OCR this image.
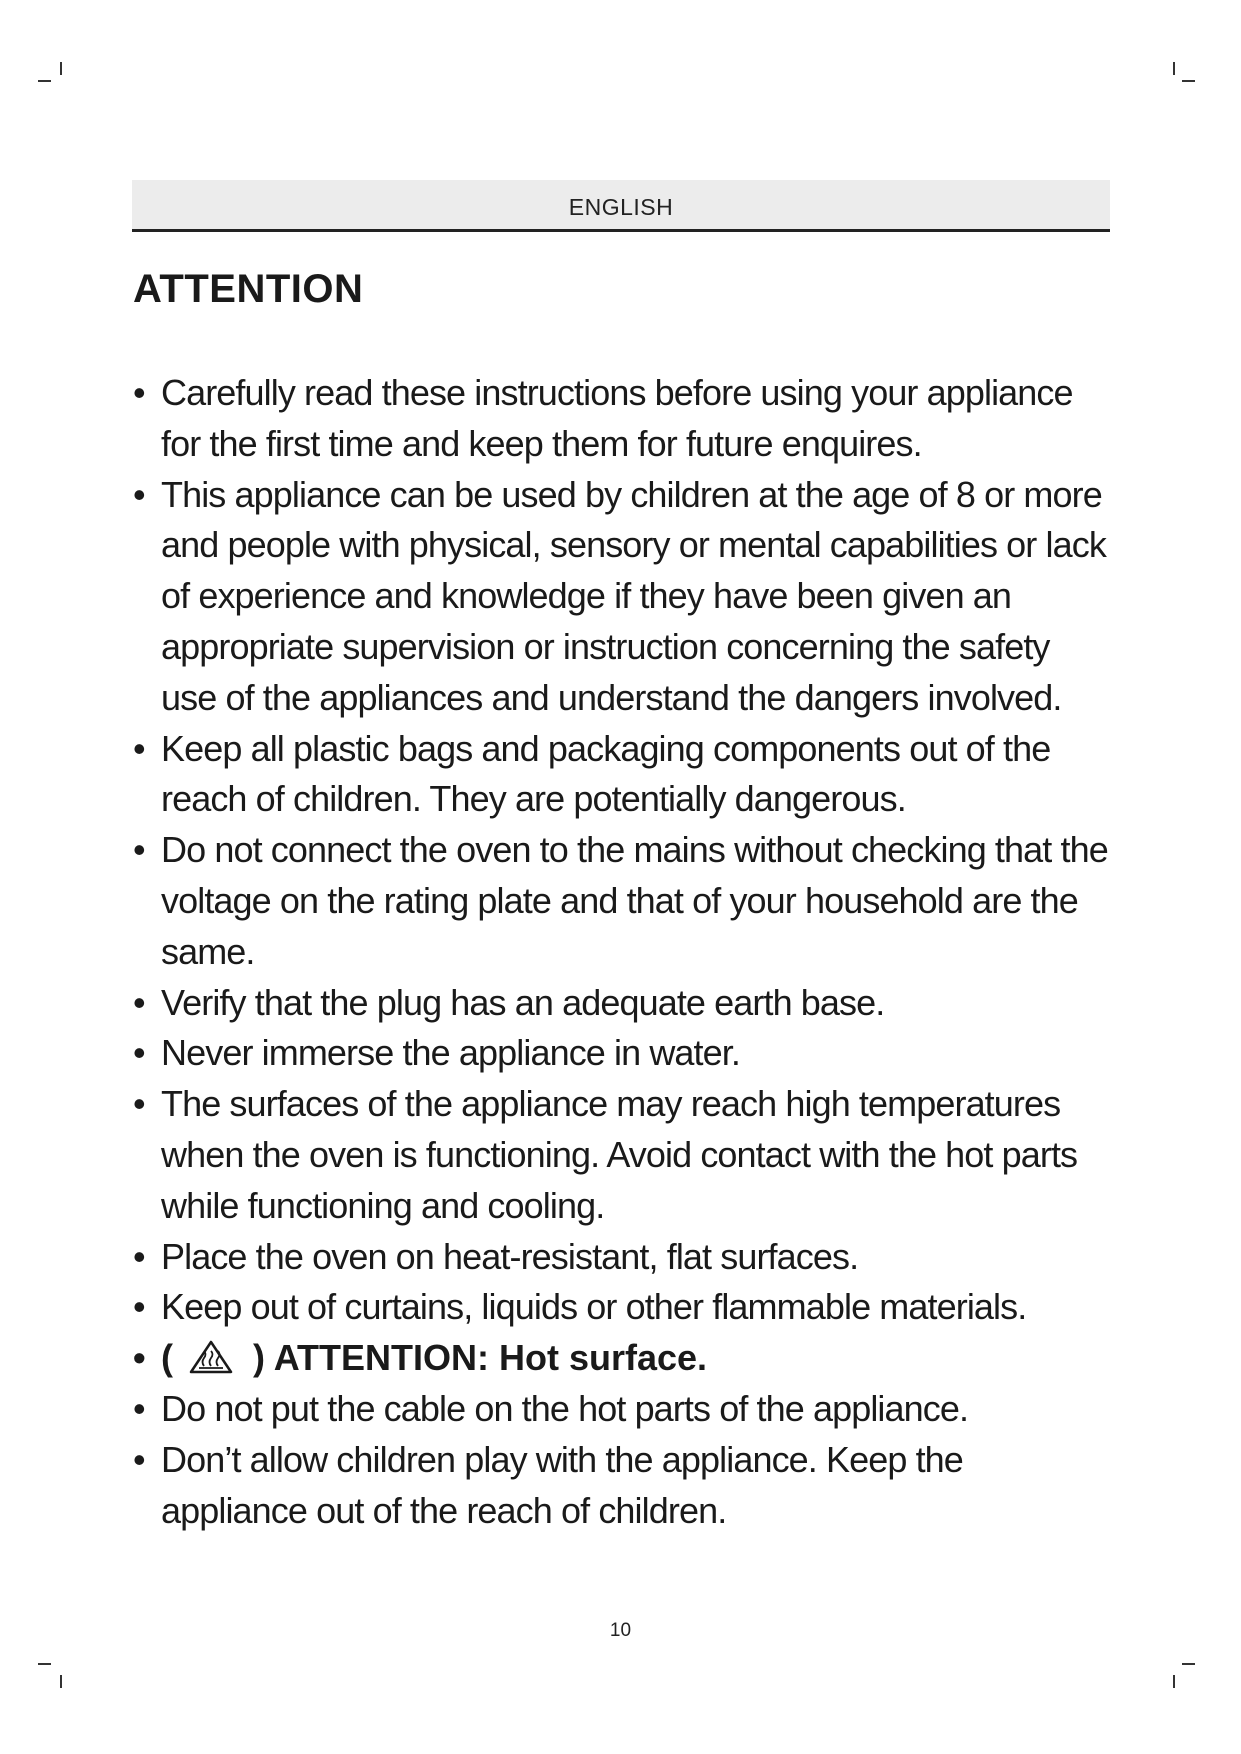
ENGLISH
ATTENTION
• Carefully read these instructions before using your appliance for the first time and keep them for future enquires.
• This appliance can be used by children at the age of 8 or more and people with physical, sensory or mental capabilities or lack of experience and knowledge if they have been given an appropriate supervision or instruction concerning the safety use of the appliances and understand the dangers involved.
• Keep all plastic bags and packaging components out of the reach of children. They are potentially dangerous.
• Do not connect the oven to the mains without checking that the voltage on the rating plate and that of your household are the same.
• Verify that the plug has an adequate earth base.
• Never immerse the appliance in water.
• The surfaces of the appliance may reach high temperatures when the oven is functioning. Avoid contact with the hot parts while functioning and cooling.
• Place the oven on heat-resistant, flat surfaces.
• Keep out of curtains, liquids or other flammable materials.
• ( ) ATTENTION: Hot surface.
• Do not put the cable on the hot parts of the appliance.
• Don’t allow children play with the appliance. Keep the appliance out of the reach of children.
10
